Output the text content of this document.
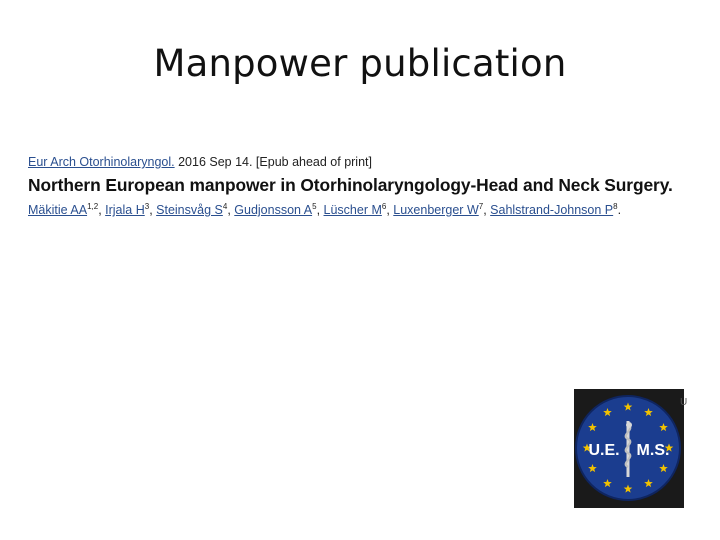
Manpower publication
Eur Arch Otorhinolaryngol. 2016 Sep 14. [Epub ahead of print]
Northern European manpower in Otorhinolaryngology-Head and Neck Surgery.
Mäkitie AA$^{1,2}$, Irjala $H^3$, Steinsvåg $S^4$, Gudjonsson $A^5$, Lüscher $M^6$, Luxenberger $W^7$, Sahlstrand-Johnson $P^8$.
U.E. M.S.
U
